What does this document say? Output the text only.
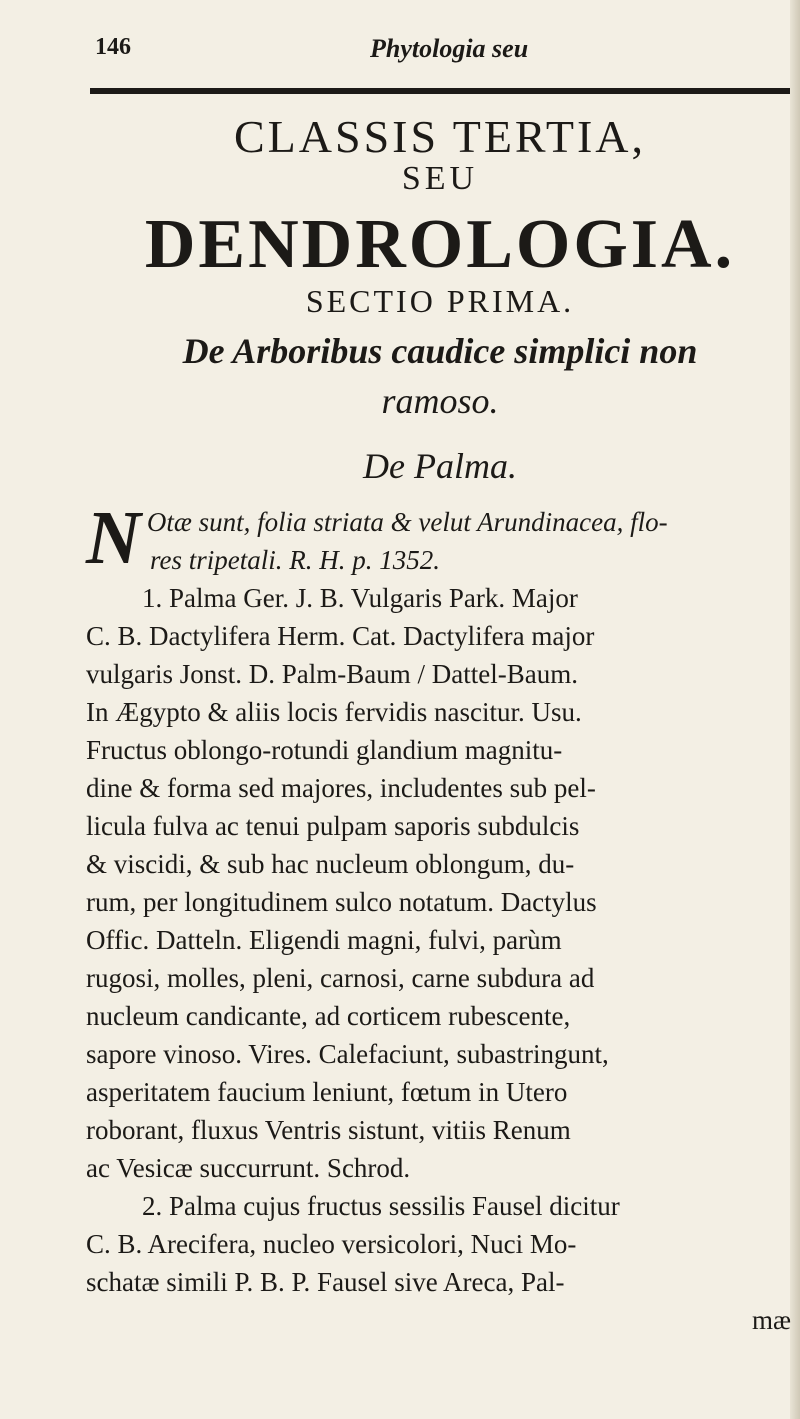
146	Phytologia seu
CLASSIS TERTIA,
SEU
DENDROLOGIA.
SECTIO PRIMA.
De Arboribus caudice simplici non
ramoso.
De Palma.
N Otæ sunt, folia striata & velut Arundinacea, flo-
res tripetali. R. H. p. 1352.
1. Palma Ger. J. B. Vulgaris Park. Major
C. B. Dactylifera Herm. Cat. Dactylifera major
vulgaris Jonst. D. Palm-Baum / Dattel-Baum.
In Ægypto & aliis locis fervidis nascitur. Usu.
Fructus oblongo-rotundi glandium magnitu-
dine & forma sed majores, includentes sub pel-
licula fulva ac tenui pulpam saporis subdulcis
& viscidi, & sub hac nucleum oblongum, du-
rum, per longitudinem sulco notatum. Dactylus
Offic. Datteln. Eligendi magni, fulvi, parùm
rugosi, molles, pleni, carnosi, carne subdura ad
nucleum candicante, ad corticem rubescente,
sapore vinoso. Vires. Calefaciunt, subastringunt,
asperitatem faucium leniunt, fœtum in Utero
roborant, fluxus Ventris sistunt, vitiis Renum
ac Vesicæ succurrunt. Schrod.
2. Palma cujus fructus sessilis Fausel dicitur
C. B. Arecifera, nucleo versicolori, Nuci Mo-
schatæ simili P. B. P. Fausel sive Areca, Pal-
mæ
